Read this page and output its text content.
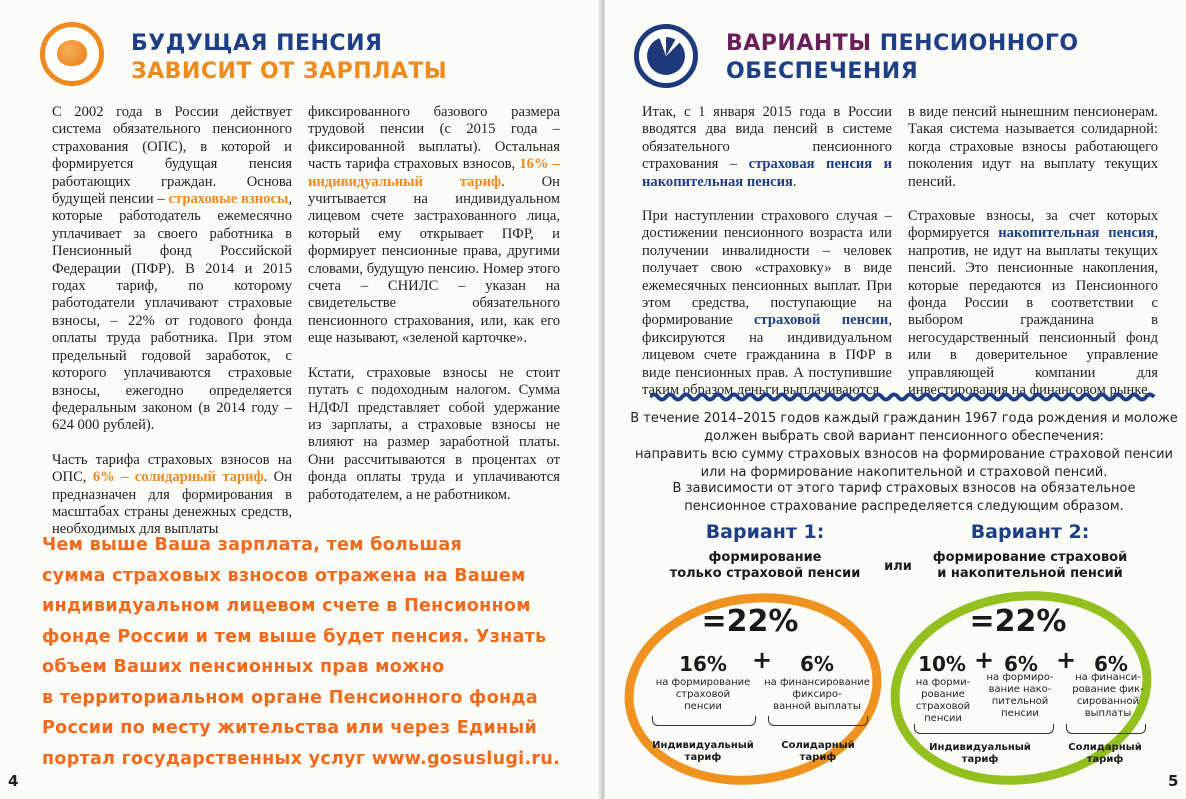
БУДУЩАЯ ПЕНСИЯ
ЗАВИСИТ ОТ ЗАРПЛАТЫ

С 2002 года в России действует система обязательного пенсионного страхования (ОПС), в которой и формируется будущая пенсия работающих граждан. Основа будущей пенсии – страховые взносы, которые работодатель ежемесячно уплачивает за своего работника в Пенсионный фонд Российской Федерации (ПФР). В 2014 и 2015 годах тариф, по которому работодатели уплачивают страховые взносы, – 22% от годового фонда оплаты труда работника. При этом предельный годовой заработок, с которого уплачиваются страховые взносы, ежегодно определяется федеральным законом (в 2014 году – 624 000 рублей).

Часть тарифа страховых взносов на ОПС, 6% – солидарный тариф. Он предназначен для формирования в масштабах страны денежных средств, необходимых для выплаты

фиксированного базового размера трудовой пенсии (с 2015 года – фиксированной выплаты). Остальная часть тарифа страховых взносов, 16% – индивидуальный тариф. Он учитывается на индивидуальном лицевом счете застрахованного лица, который ему открывает ПФР, и формирует пенсионные права, другими словами, будущую пенсию. Номер этого счета – СНИЛС – указан на свидетельстве обязательного пенсионного страхования, или, как его еще называют, «зеленой карточке».

Кстати, страховые взносы не стоит путать с подоходным налогом. Сумма НДФЛ представляет собой удержание из зарплаты, а страховые взносы не влияют на размер заработной платы. Они рассчитываются в процентах от фонда оплаты труда и уплачиваются работодателем, а не работником.

Чем выше Ваша зарплата, тем большая
сумма страховых взносов отражена на Вашем
индивидуальном лицевом счете в Пенсионном
фонде России и тем выше будет пенсия. Узнать
объем Ваших пенсионных прав можно
в территориальном органе Пенсионного фонда
России по месту жительства или через Единый
портал государственных услуг www.gosuslugi.ru.
4
ВАРИАНТЫ ПЕНСИОННОГО
ОБЕСПЕЧЕНИЯ

Итак, с 1 января 2015 года в России вводятся два вида пенсий в системе обязательного пенсионного страхования – страховая пенсия и накопительная пенсия.

При наступлении страхового случая – достижении пенсионного возраста или получении инвалидности – человек получает свою «страховку» в виде ежемесячных пенсионных выплат. При этом средства, поступающие на формирование страховой пенсии, фиксируются на индивидуальном лицевом счете гражданина в ПФР в виде пенсионных прав. А поступившие таким образом деньги выплачиваются

в виде пенсий нынешним пенсионерам. Такая система называется солидарной: когда страховые взносы работающего поколения идут на выплату текущих пенсий.

Страховые взносы, за счет которых формируется накопительная пенсия, напротив, не идут на выплаты текущих пенсий. Это пенсионные накопления, которые передаются из Пенсионного фонда России в соответствии с выбором гражданина в негосударственный пенсионный фонд или в доверительное управление управляющей компании для инвестирования на финансовом рынке.

В течение 2014–2015 годов каждый гражданин 1967 года рождения и моложе
должен выбрать свой вариант пенсионного обеспечения:
направить всю сумму страховых взносов на формирование страховой пенсии
или на формирование накопительной и страховой пенсий.
В зависимости от этого тариф страховых взносов на обязательное
пенсионное страхование распределяется следующим образом.
Вариант 1:	Вариант 2:
формирование
только страховой пенсии	или
формирование страховой
и накопительной пенсий
=22%
16%	+	6%
на формирование
страховой
пенсии
на финансирование
фиксиро-
ванной выплаты
Индивидуальный
тариф
Солидарный
тариф
=22%
10% + 6% + 6%
на форми-
рование
страховой
пенсии
на формиро-
вание нако-
пительной
пенсии
на финанси-
рование фик-
сированной
выплаты
Индивидуальный
тариф
Солидарный
тариф
5
